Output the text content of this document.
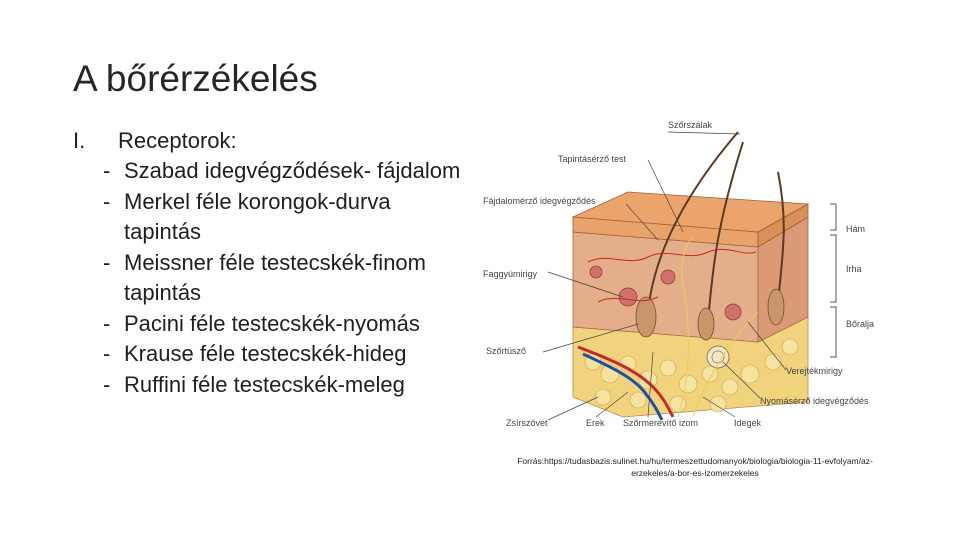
A bőrérzékelés
I.	Receptorok:
- Szabad idegvégződések- fájdalom
- Merkel féle korongok-durva tapintás
- Meissner féle testecskék-finom tapintás
- Pacini féle testecskék-nyomás
- Krause féle testecskék-hideg
- Ruffini féle testecskék-meleg
Szőrszálak
Tapintásérző test
Fájdalomérző idegvégződés
Faggyúmirigy
Szőrtüsző
Zsírszövet	Erek Szőrmerevítő izom	Idegek
Nyomásérző idegvégződés
Verejtékmirigy
Hám
Irha
Bőralja
Forrás:https://tudasbazis.sulinet.hu/hu/termeszettudomanyok/biologia/biologia-11-evfolyam/az-erzekeles/a-bor-es-izomerzekeles
